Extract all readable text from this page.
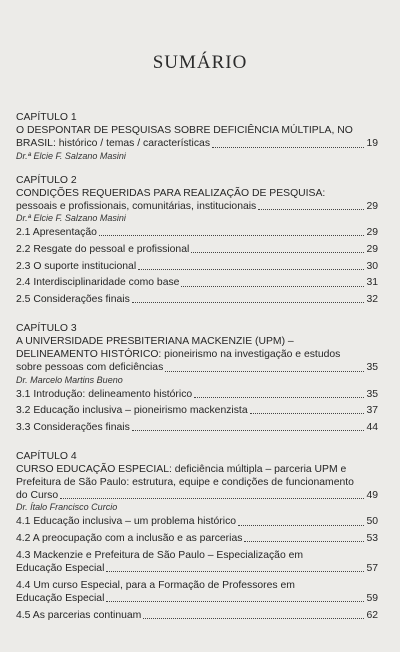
SUMÁRIO
CAPÍTULO 1
O DESPONTAR DE PESQUISAS SOBRE DEFICIÊNCIA MÚLTIPLA, NO
BRASIL: histórico / temas / características	19
Dr.ª Elcie F. Salzano Masini
CAPÍTULO 2
CONDIÇÕES REQUERIDAS PARA REALIZAÇÃO DE PESQUISA:
pessoais e profissionais, comunitárias, institucionais	29
Dr.ª Elcie F. Salzano Masini
2.1 Apresentação	29
2.2 Resgate do pessoal e profissional	29
2.3 O suporte institucional	30
2.4 Interdisciplinaridade como base	31
2.5 Considerações finais	32
CAPÍTULO 3
A UNIVERSIDADE PRESBITERIANA MACKENZIE (UPM) –
DELINEAMENTO HISTÓRICO: pioneirismo na investigação e estudos
sobre pessoas com deficiências	35
Dr. Marcelo Martins Bueno
3.1 Introdução: delineamento histórico	35
3.2 Educação inclusiva – pioneirismo mackenzista	37
3.3 Considerações finais	44
CAPÍTULO 4
CURSO EDUCAÇÃO ESPECIAL: deficiência múltipla – parceria UPM e
Prefeitura de São Paulo: estrutura, equipe e condições de funcionamento
do Curso	49
Dr. Ítalo Francisco Curcio
4.1 Educação inclusiva – um problema histórico	50
4.2 A preocupação com a inclusão e as parcerias	53
4.3 Mackenzie e Prefeitura de São Paulo – Especialização em
Educação Especial	57
4.4 Um curso Especial, para a Formação de Professores em
Educação Especial	59
4.5 As parcerias continuam	62
